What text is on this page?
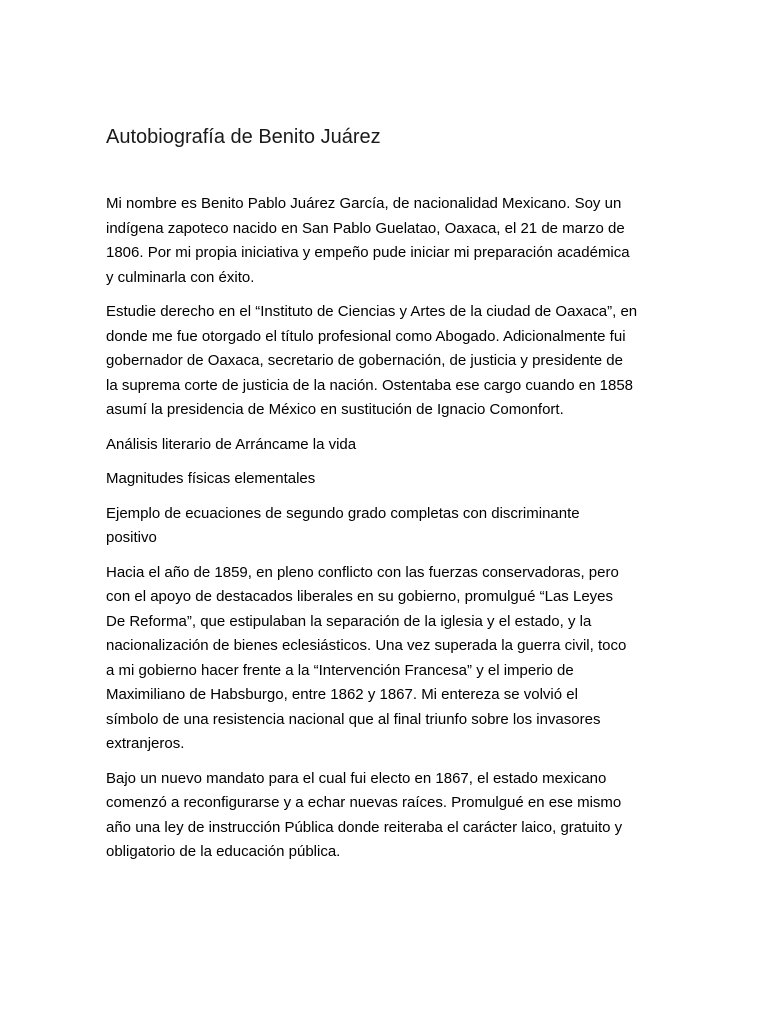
Autobiografía de Benito Juárez

Mi nombre es Benito Pablo Juárez García, de nacionalidad Mexicano. Soy un indígena zapoteco nacido en San Pablo Guelatao, Oaxaca, el 21 de marzo de 1806. Por mi propia iniciativa y empeño pude iniciar mi preparación académica y culminarla con éxito.

Estudie derecho en el “Instituto de Ciencias y Artes de la ciudad de Oaxaca”, en donde me fue otorgado el título profesional como Abogado. Adicionalmente fui gobernador de Oaxaca, secretario de gobernación, de justicia y presidente de la suprema corte de justicia de la nación. Ostentaba ese cargo cuando en 1858 asumí la presidencia de México en sustitución de Ignacio Comonfort.

Análisis literario de Arráncame la vida

Magnitudes físicas elementales

Ejemplo de ecuaciones de segundo grado completas con discriminante positivo

Hacia el año de 1859, en pleno conflicto con las fuerzas conservadoras, pero con el apoyo de destacados liberales en su gobierno, promulgué “Las Leyes De Reforma”, que estipulaban la separación de la iglesia y el estado, y la nacionalización de bienes eclesiásticos. Una vez superada la guerra civil, toco a mi gobierno hacer frente a la “Intervención Francesa” y el imperio de Maximiliano de Habsburgo, entre 1862 y 1867. Mi entereza se volvió el símbolo de una resistencia nacional que al final triunfo sobre los invasores extranjeros.

Bajo un nuevo mandato para el cual fui electo en 1867, el estado mexicano comenzó a reconfigurarse y a echar nuevas raíces. Promulgué en ese mismo año una ley de instrucción Pública donde reiteraba el carácter laico, gratuito y obligatorio de la educación pública.
